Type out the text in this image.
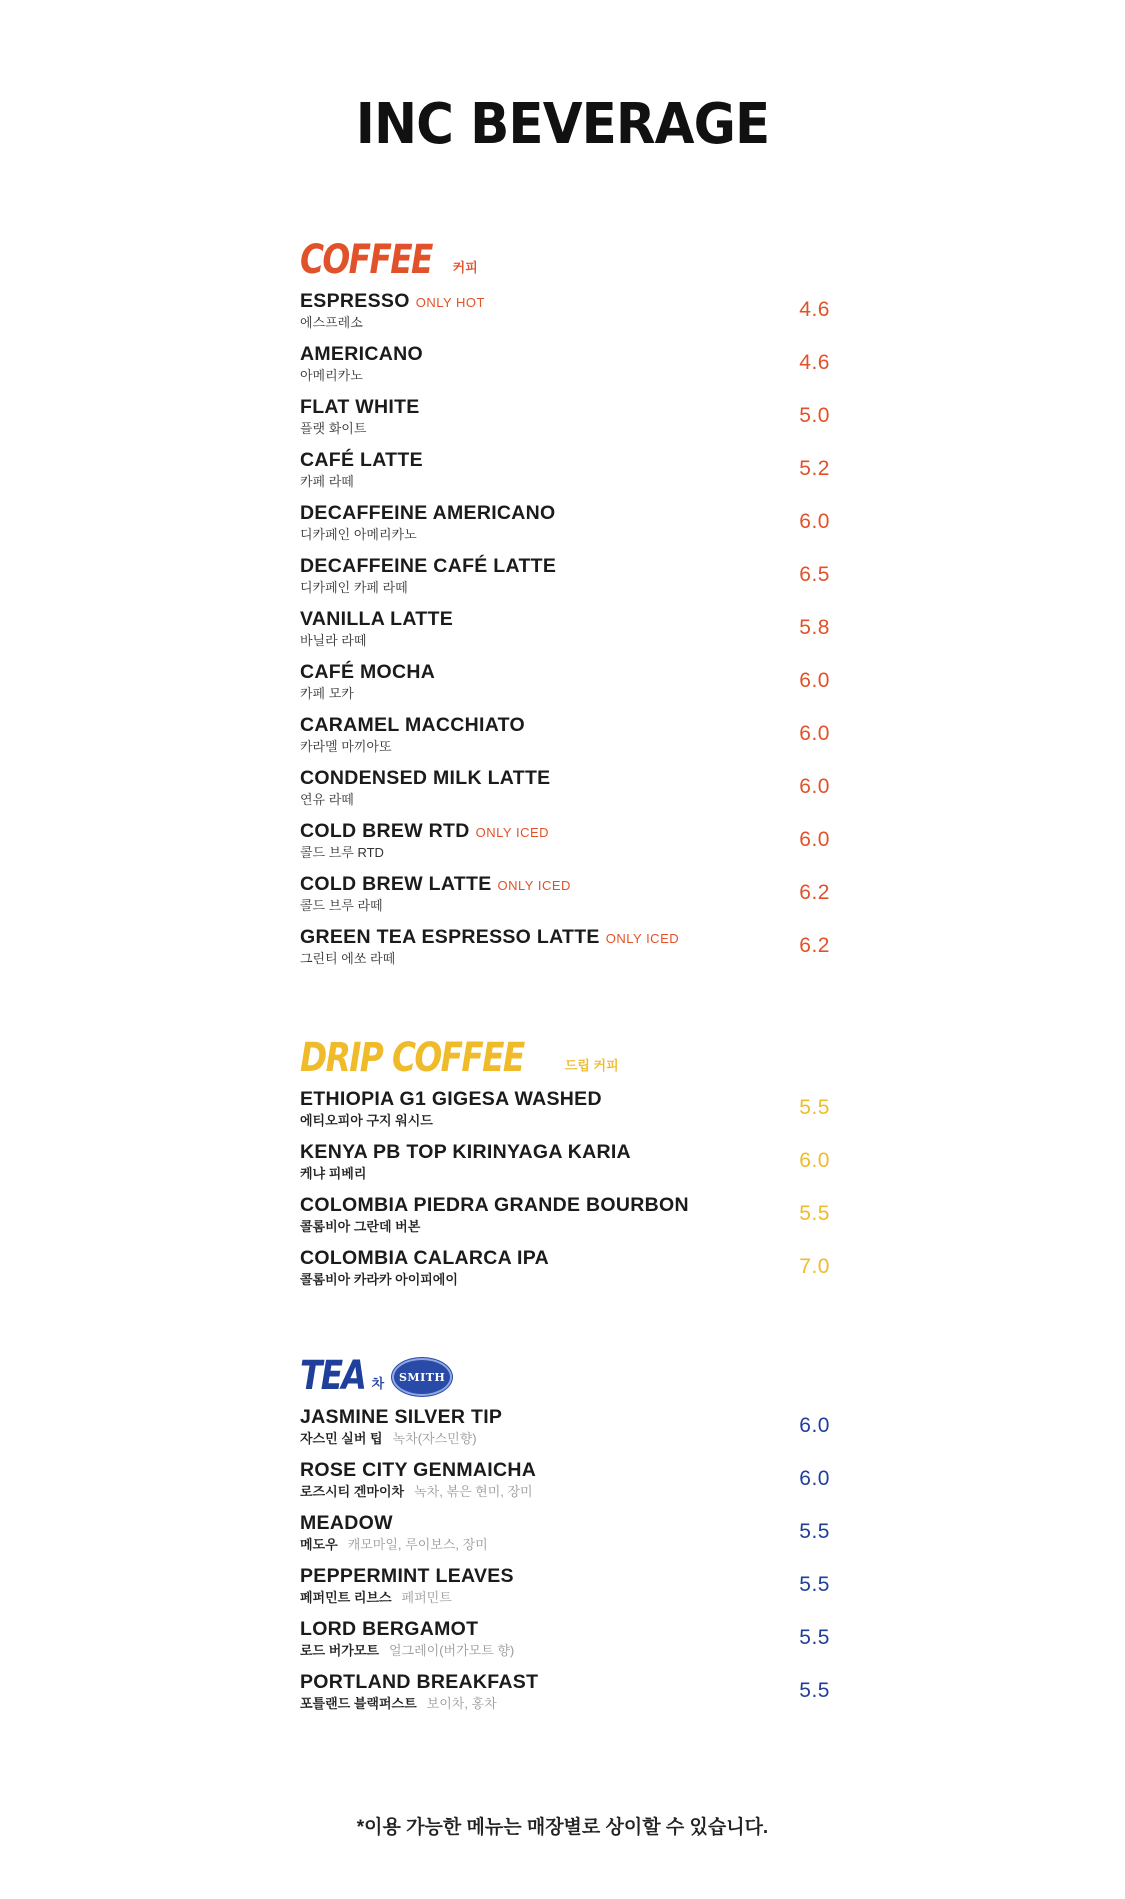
INC BEVERAGE
COFFEE 커피
ESPRESSO ONLY HOT
에스프레소
4.6
AMERICANO
아메리카노
4.6
FLAT WHITE
플랫 화이트
5.0
CAFÉ LATTE
카페 라떼
5.2
DECAFFEINE AMERICANO
디카페인 아메리카노
6.0
DECAFFEINE CAFÉ LATTE
디카페인 카페 라떼
6.5
VANILLA LATTE
바닐라 라떼
5.8
CAFÉ MOCHA
카페 모카
6.0
CARAMEL MACCHIATO
카라멜 마끼아또
6.0
CONDENSED MILK LATTE
연유 라떼
6.0
COLD BREW RTD ONLY ICED
콜드 브루 RTD
6.0
COLD BREW LATTE ONLY ICED
콜드 브루 라떼
6.2
GREEN TEA ESPRESSO LATTE ONLY ICED
그린티 에쏘 라떼
6.2
DRIP COFFEE	드립 커피
ETHIOPIA G1 GIGESA WASHED
에티오피아 구지 워시드
5.5
KENYA PB TOP KIRINYAGA KARIA
케냐 피베리
6.0
COLOMBIA PIEDRA GRANDE BOURBON
콜롬비아 그란데 버본
5.5
COLOMBIA CALARCA IPA
콜롬비아 카라카 아이피에이
7.0
TEA 차	SMITH
JASMINE SILVER TIP
자스민 실버 팁 녹차(자스민향)
6.0
ROSE CITY GENMAICHA
로즈시티 겐마이차 녹차, 볶은 현미, 장미
6.0
MEADOW
메도우 캐모마일, 루이보스, 장미
5.5
PEPPERMINT LEAVES
페퍼민트 리브스 페퍼민트
5.5
LORD BERGAMOT
로드 버가모트 얼그레이(버가모트 향)
5.5
PORTLAND BREAKFAST
포틀랜드 블랙퍼스트 보이차, 홍차
5.5
*이용 가능한 메뉴는 매장별로 상이할 수 있습니다.
